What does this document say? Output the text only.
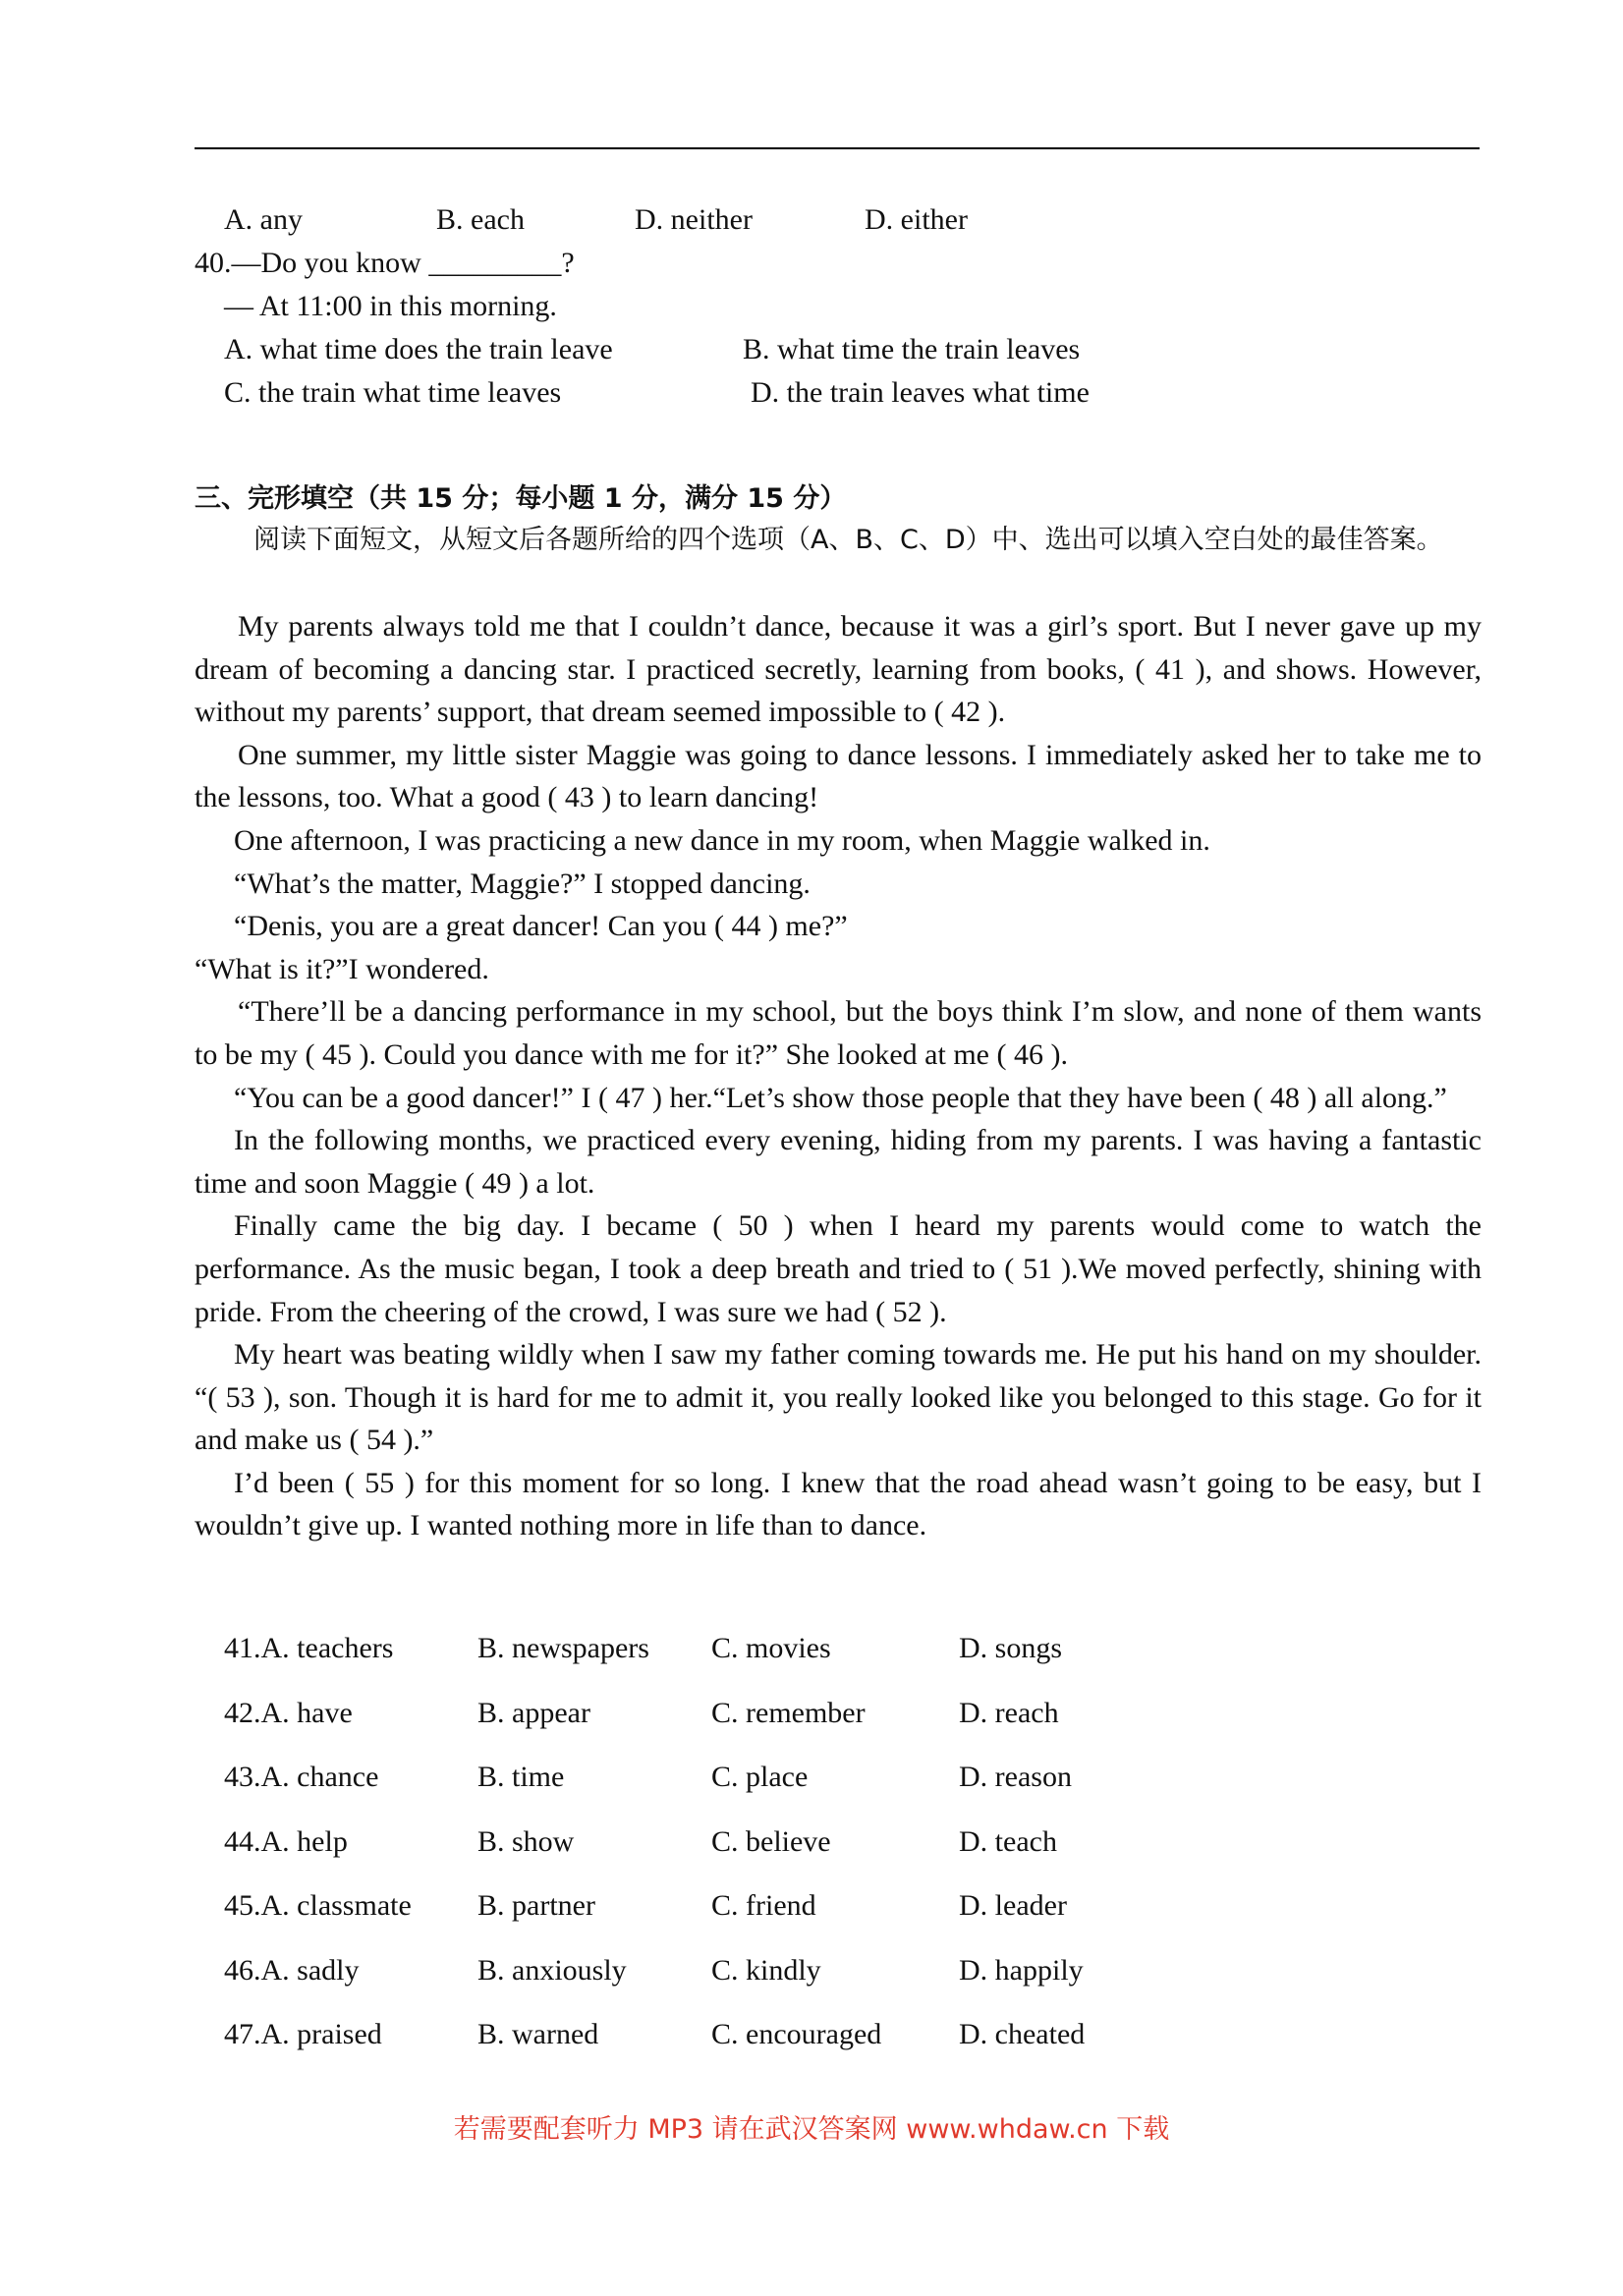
A. any	B. each	D. neither	D. either
40.—Do you know _________?
— At 11:00 in this morning.
A. what time does the train leave	B. what time the train leaves
C. the train what time leaves	D. the train leaves what time
三、完形填空（共 15 分；每小题 1 分，满分 15 分）
阅读下面短文，从短文后各题所给的四个选项（A、B、C、D）中、选出可以填入空白处的最佳答案。

My parents always told me that I couldn’t dance, because it was a girl’s sport. But I never gave up my dream of becoming a dancing star. I practiced secretly, learning from books, ( 41 ), and shows. However, without my parents’ support, that dream seemed impossible to ( 42 ).

One summer, my little sister Maggie was going to dance lessons. I immediately asked her to take me to the lessons, too. What a good ( 43 ) to learn dancing!

One afternoon, I was practicing a new dance in my room, when Maggie walked in.

“What’s the matter, Maggie?” I stopped dancing.

“Denis, you are a great dancer! Can you ( 44 ) me?”

“What is it?”I wondered.

“There’ll be a dancing performance in my school, but the boys think I’m slow, and none of them wants to be my ( 45 ). Could you dance with me for it?” She looked at me ( 46 ).

“You can be a good dancer!” I ( 47 ) her.“Let’s show those people that they have been ( 48 ) all along.”

In the following months, we practiced every evening, hiding from my parents. I was having a fantastic time and soon Maggie ( 49 ) a lot.

Finally came the big day. I became ( 50 ) when I heard my parents would come to watch the performance. As the music began, I took a deep breath and tried to ( 51 ).We moved perfectly, shining with pride. From the cheering of the crowd, I was sure we had ( 52 ).

My heart was beating wildly when I saw my father coming towards me. He put his hand on my shoulder. “( 53 ), son. Though it is hard for me to admit it, you really looked like you belonged to this stage. Go for it and make us ( 54 ).”

I’d been ( 55 ) for this moment for so long. I knew that the road ahead wasn’t going to be easy, but I wouldn’t give up. I wanted nothing more in life than to dance.

41.A. teachers	B. newspapers C. movies	D. songs
42.A. have	B. appear	C. remember	D. reach
43.A. chance	B. time	C. place	D. reason
44.A. help	B. show	C. believe	D. teach
45.A. classmate B. partner	C. friend	D. leader
46.A. sadly	B. anxiously	C. kindly	D. happily
47.A. praised	B. warned	C. encouraged	D. cheated
若需要配套听力 MP3 请在武汉答案网 www.whdaw.cn 下载
